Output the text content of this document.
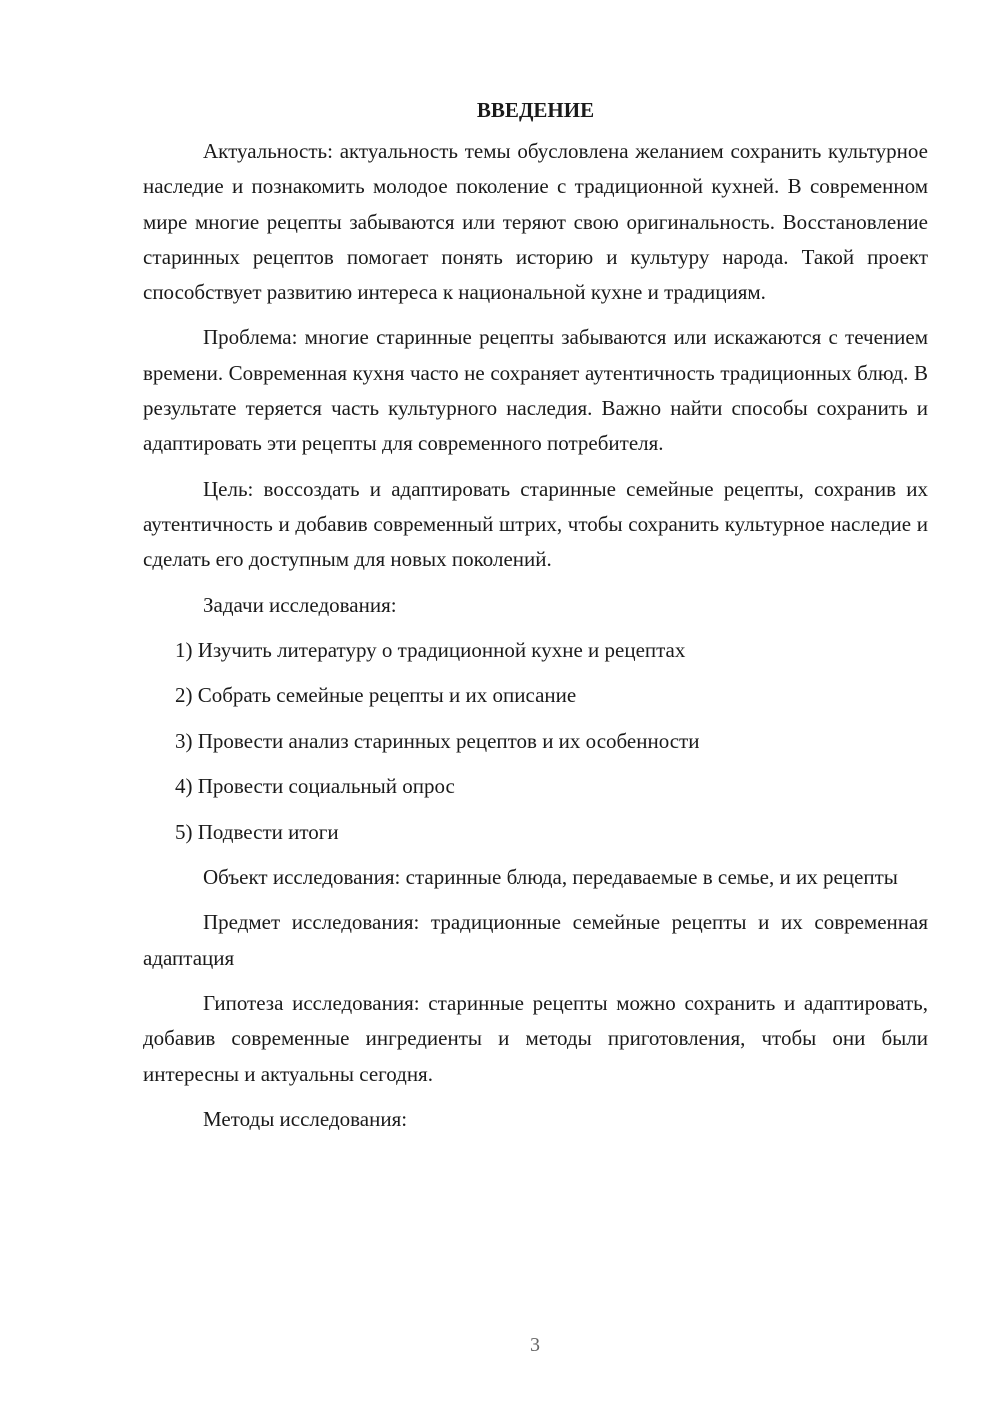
ВВЕДЕНИЕ

Актуальность: актуальность темы обусловлена желанием сохранить культурное наследие и познакомить молодое поколение с традиционной кухней. В современном мире многие рецепты забываются или теряют свою оригинальность. Восстановление старинных рецептов помогает понять историю и культуру народа. Такой проект способствует развитию интереса к национальной кухне и традициям.

Проблема: многие старинные рецепты забываются или искажаются с течением времени. Современная кухня часто не сохраняет аутентичность традиционных блюд. В результате теряется часть культурного наследия. Важно найти способы сохранить и адаптировать эти рецепты для современного потребителя.

Цель: воссоздать и адаптировать старинные семейные рецепты, сохранив их аутентичность и добавив современный штрих, чтобы сохранить культурное наследие и сделать его доступным для новых поколений.

Задачи исследования:

1) Изучить литературу о традиционной кухне и рецептах
2) Собрать семейные рецепты и их описание
3) Провести анализ старинных рецептов и их особенности
4) Провести социальный опрос
5) Подвести итоги

Объект исследования: старинные блюда, передаваемые в семье, и их рецепты

Предмет исследования: традиционные семейные рецепты и их современная адаптация

Гипотеза исследования: старинные рецепты можно сохранить и адаптировать, добавив современные ингредиенты и методы приготовления, чтобы они были интересны и актуальны сегодня.

Методы исследования:

3
